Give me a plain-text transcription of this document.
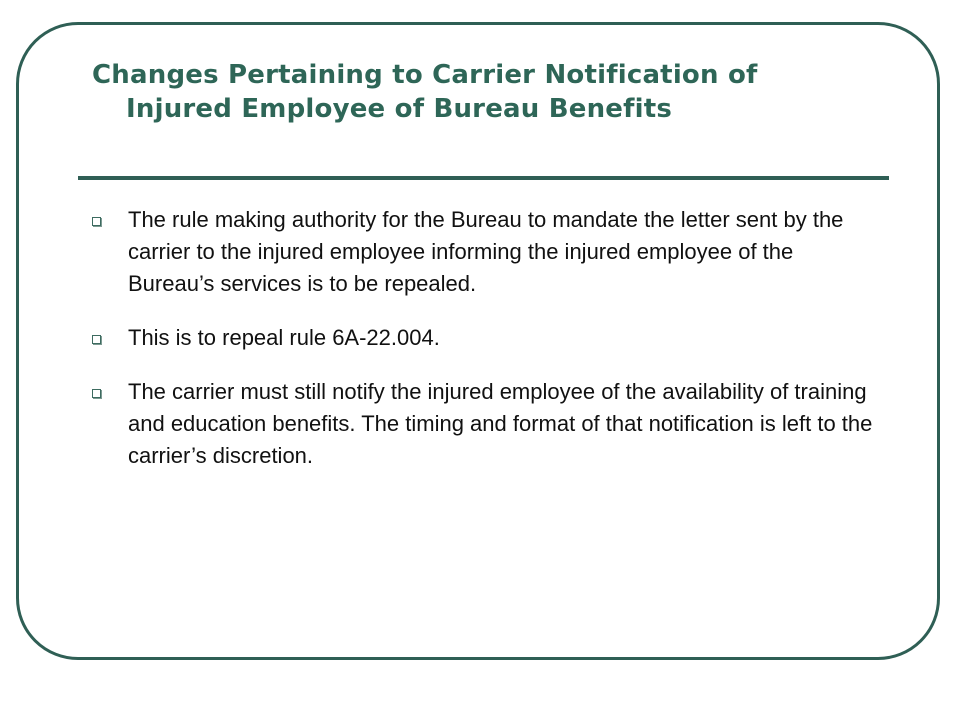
Changes Pertaining to Carrier Notification of
Injured Employee of Bureau Benefits
The rule making authority for the Bureau to mandate the letter sent by the carrier to the injured employee informing the injured employee of the Bureau’s services is to be repealed.
This is to repeal rule 6A-22.004.
The carrier must still notify the injured employee of the availability of training and education benefits. The timing and format of that notification is left to the carrier’s discretion.
